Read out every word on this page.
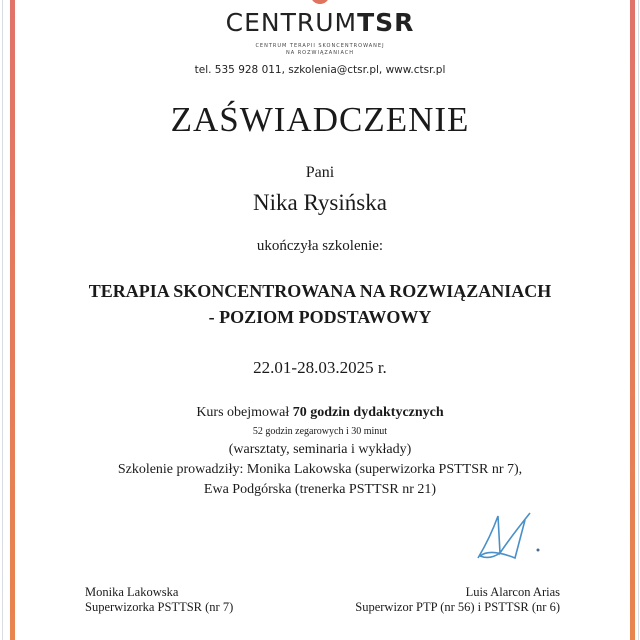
CENTRUMTSR
CENTRUM TERAPII SKONCENTROWANEJ
NA ROZWIĄZANIACH
tel. 535 928 011, szkolenia@ctsr.pl, www.ctsr.pl
ZAŚWIADCZENIE
Pani
Nika Rysińska
ukończyła szkolenie:
TERAPIA SKONCENTROWANA NA ROZWIĄZANIACH
- POZIOM PODSTAWOWY
22.01-28.03.2025 r.
Kurs obejmował 70 godzin dydaktycznych
52 godzin zegarowych i 30 minut
(warsztaty, seminaria i wykłady)
Szkolenie prowadziły: Monika Lakowska (superwizorka PSTTSR nr 7),
Ewa Podgórska (trenerka PSTTSR nr 21)
Monika Lakowska
Superwizorka PSTTSR (nr 7)
Luis Alarcon Arias
Superwizor PTP (nr 56) i PSTTSR (nr 6)
